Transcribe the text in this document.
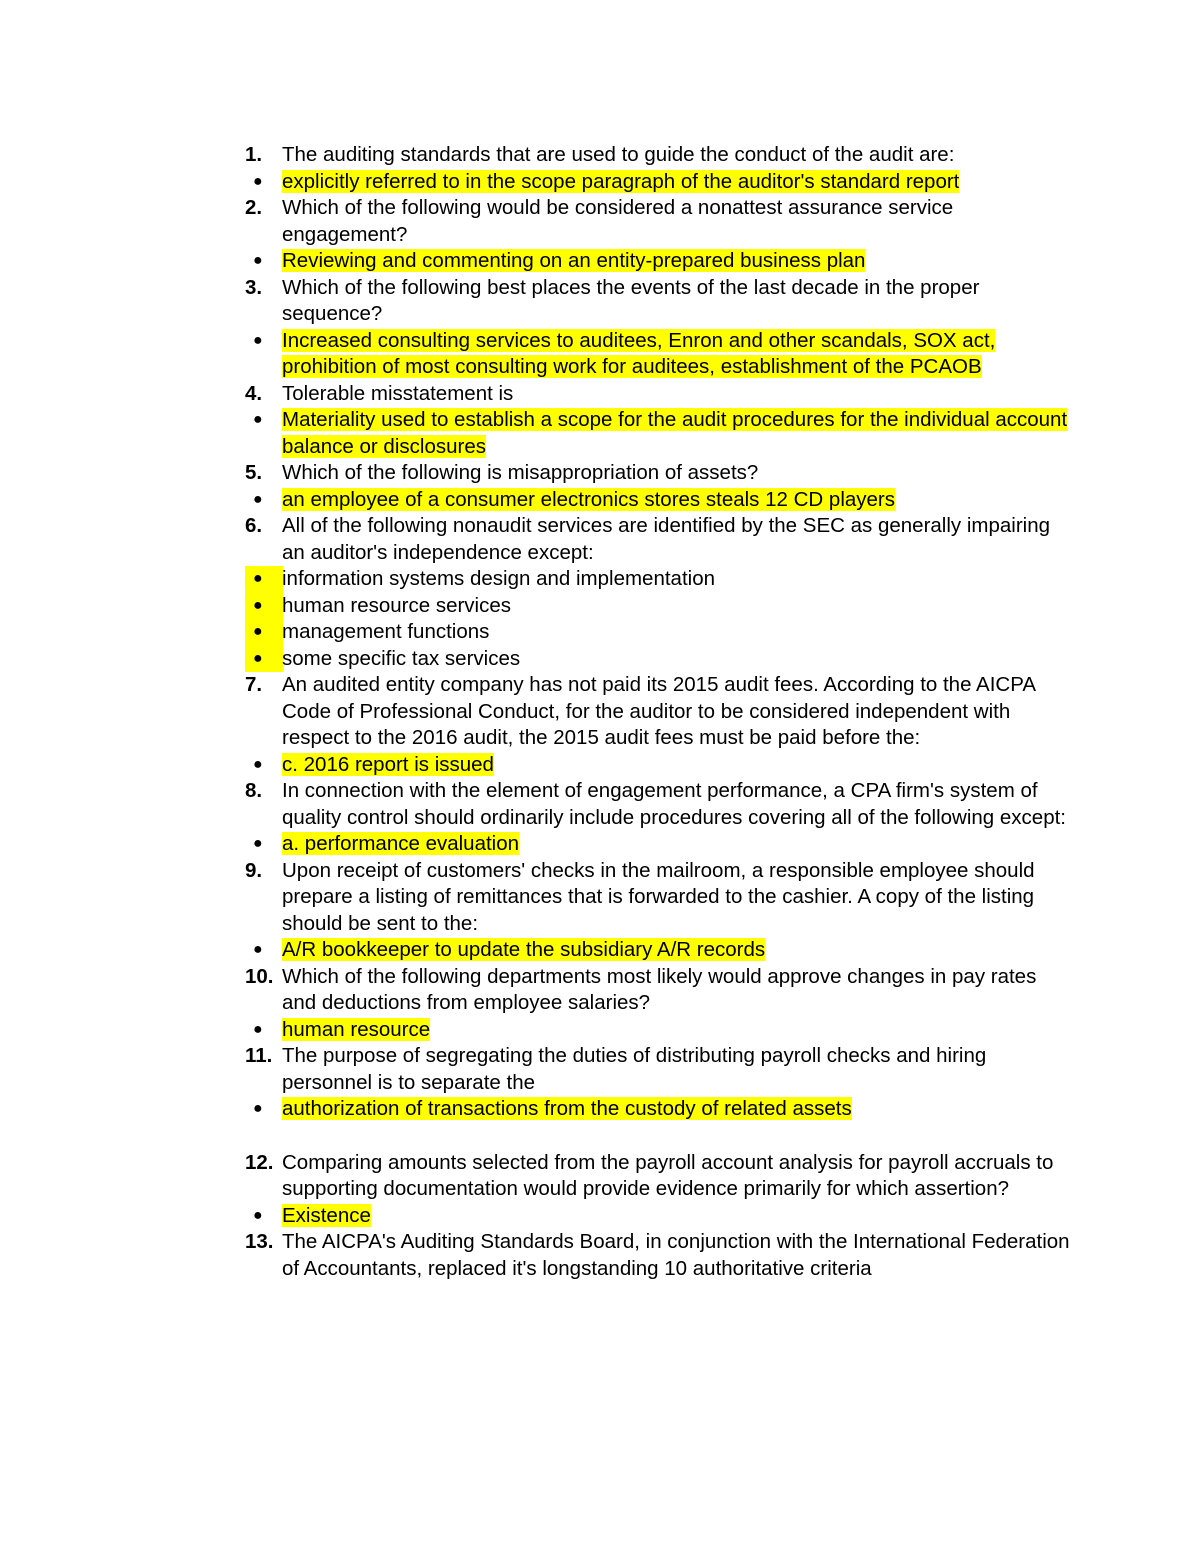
1. The auditing standards that are used to guide the conduct of the audit are:
● explicitly referred to in the scope paragraph of the auditor's standard report
2. Which of the following would be considered a nonattest assurance service engagement?
● Reviewing and commenting on an entity-prepared business plan
3. Which of the following best places the events of the last decade in the proper sequence?
● Increased consulting services to auditees, Enron and other scandals, SOX act, prohibition of most consulting work for auditees, establishment of the PCAOB
4. Tolerable misstatement is
● Materiality used to establish a scope for the audit procedures for the individual account balance or disclosures
5. Which of the following is misappropriation of assets?
● an employee of a consumer electronics stores steals 12 CD players
6. All of the following nonaudit services are identified by the SEC as generally impairing an auditor's independence except:
● information systems design and implementation
● human resource services
● management functions
● some specific tax services
7. An audited entity company has not paid its 2015 audit fees. According to the AICPA Code of Professional Conduct, for the auditor to be considered independent with respect to the 2016 audit, the 2015 audit fees must be paid before the:
● c. 2016 report is issued
8. In connection with the element of engagement performance, a CPA firm's system of quality control should ordinarily include procedures covering all of the following except:
● a. performance evaluation
9. Upon receipt of customers' checks in the mailroom, a responsible employee should prepare a listing of remittances that is forwarded to the cashier. A copy of the listing should be sent to the:
● A/R bookkeeper to update the subsidiary A/R records
10. Which of the following departments most likely would approve changes in pay rates and deductions from employee salaries?
● human resource
11. The purpose of segregating the duties of distributing payroll checks and hiring personnel is to separate the
● authorization of transactions from the custody of related assets
12. Comparing amounts selected from the payroll account analysis for payroll accruals to supporting documentation would provide evidence primarily for which assertion?
● Existence
13. The AICPA's Auditing Standards Board, in conjunction with the International Federation of Accountants, replaced it's longstanding 10 authoritative criteria
